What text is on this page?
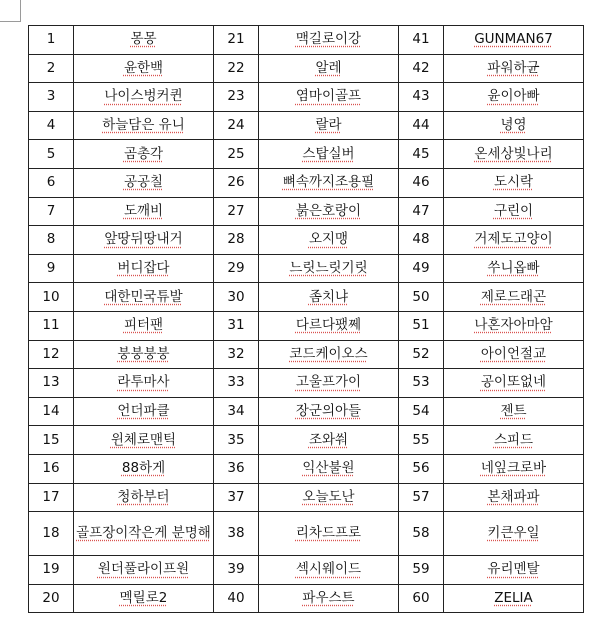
1	몽몽	21	맥길로이강	41	GUNMAN67
2	윤한백	22	알레	42	파워하균
3	나이스벙커퀸	23	염마이골프	43	윤이아빠
4	하늘담은 유니	24	랄라	44	녕영
5	곰총각	25	스탑실버	45	온세상빛나리
6	공공칠	26	뼈속까지조용필	46	도시락
7	도깨비	27	붉은호랑이	47	구린이
8	앞땅뒤땅내거	28	오지맹	48	거제도고양이
9	버디잡다	29	느릿느릿기릿	49	쑤니옵빠
10	대한민국튜발	30	좀치냐	50	제로드래곤
11	피터팬	31	다르다팼쩨	51	나혼자아마암
12	붕붕붕붕	32	코드케이오스	52	아이언절교
13	라투마사	33	고울프가이	53	공이또없네
14	언더파클	34	장군의아들	54	젠트
15	윈체로맨틱	35	조와쒀	55	스피드
16	88하게	36	익산불원	56	네잎크로바
17	청하부터	37	오늘도난	57	본채파파
18	골프장이작은게 분명해	38	리차드프로	58	키큰우일
19	원더풀라이프원	39	섹시웨이드	59	유리멘탈
20	멕릴로2	40	파우스트	60	ZELIA
